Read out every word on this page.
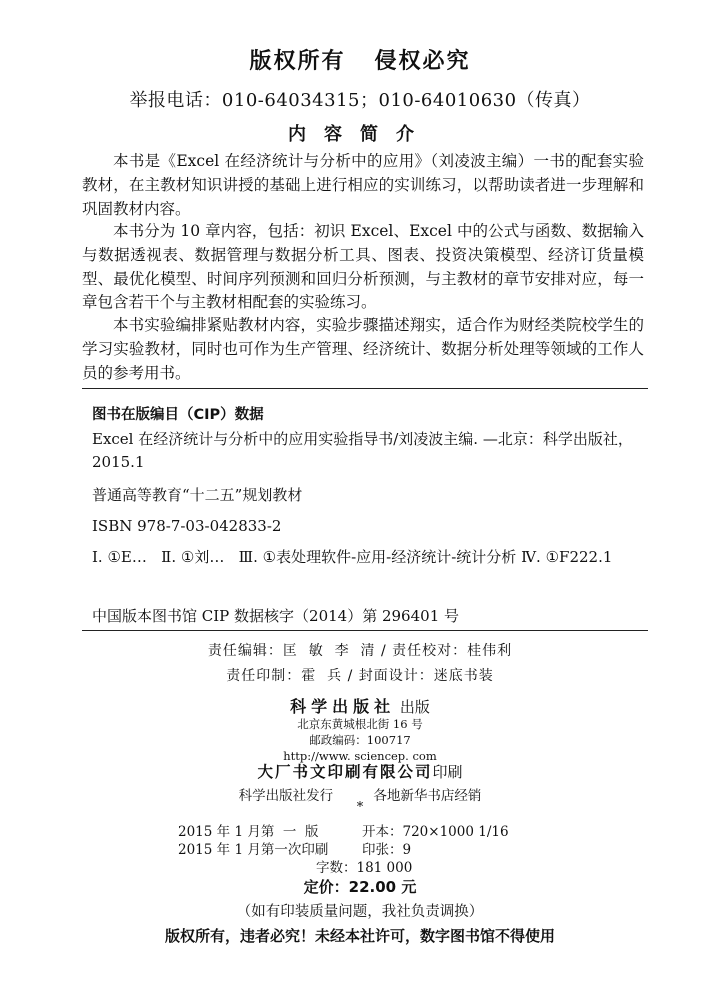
版权所有   侵权必究
举报电话：010-64034315；010-64010630（传真）
内容简介
本书是《Excel 在经济统计与分析中的应用》（刘凌波主编）一书的配套实验教材，在主教材知识讲授的基础上进行相应的实训练习，以帮助读者进一步理解和巩固教材内容。
本书分为 10 章内容，包括：初识 Excel、Excel 中的公式与函数、数据输入与数据透视表、数据管理与数据分析工具、图表、投资决策模型、经济订货量模型、最优化模型、时间序列预测和回归分析预测，与主教材的章节安排对应，每一章包含若干个与主教材相配套的实验练习。
本书实验编排紧贴教材内容，实验步骤描述翔实，适合作为财经类院校学生的学习实验教材，同时也可作为生产管理、经济统计、数据分析处理等领域的工作人员的参考用书。
图书在版编目（CIP）数据
Excel 在经济统计与分析中的应用实验指导书/刘凌波主编. —北京：科学出版社，2015.1
普通高等教育“十二五”规划教材
ISBN 978-7-03-042833-2
Ⅰ. ①E…   Ⅱ. ①刘…   Ⅲ. ①表处理软件-应用-经济统计-统计分析 Ⅳ. ①F222.1
中国版本图书馆 CIP 数据核字（2014）第 296401 号
责任编辑：匡  敏  李  清 / 责任校对：桂伟利
责任印制：霍  兵 / 封面设计：迷底书装
科学出版社 出版
北京东黄城根北街 16 号
邮政编码：100717
http://www. sciencep. com
大厂书文印刷有限公司印刷
科学出版社发行	各地新华书店经销
*
2015 年 1 月第  一  版	开本：720×1000 1/16
2015 年 1 月第一次印刷 印张：9
字数：181 000
定价：22.00 元
（如有印装质量问题，我社负责调换）
版权所有，违者必究！未经本社许可，数字图书馆不得使用
